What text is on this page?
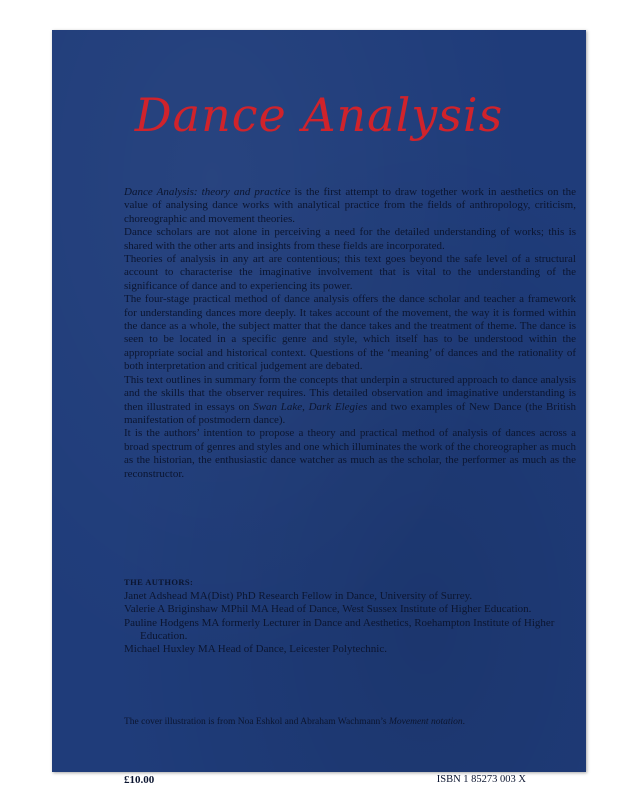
Dance Analysis

Dance Analysis: theory and practice is the first attempt to draw together work in aesthetics on the value of analysing dance works with analytical practice from the fields of anthropology, criticism, choreographic and movement theories.

Dance scholars are not alone in perceiving a need for the detailed understanding of works; this is shared with the other arts and insights from these fields are incorporated.

Theories of analysis in any art are contentious; this text goes beyond the safe level of a structural account to characterise the imaginative involvement that is vital to the understanding of the significance of dance and to experiencing its power.

The four-stage practical method of dance analysis offers the dance scholar and teacher a framework for understanding dances more deeply. It takes account of the movement, the way it is formed within the dance as a whole, the subject matter that the dance takes and the treatment of theme. The dance is seen to be located in a specific genre and style, which itself has to be understood within the appropriate social and historical context. Questions of the ‘meaning’ of dances and the rationality of both interpretation and critical judgement are debated.

This text outlines in summary form the concepts that underpin a structured approach to dance analysis and the skills that the observer requires. This detailed observation and imaginative understanding is then illustrated in essays on Swan Lake, Dark Elegies and two examples of New Dance (the British manifestation of postmodern dance).

It is the authors’ intention to propose a theory and practical method of analysis of dances across a broad spectrum of genres and styles and one which illuminates the work of the choreographer as much as the historian, the enthusiastic dance watcher as much as the scholar, the performer as much as the reconstructor.

THE AUTHORS:
Janet Adshead MA(Dist) PhD Research Fellow in Dance, University of Surrey.
Valerie A Briginshaw MPhil MA Head of Dance, West Sussex Institute of Higher Education.
Pauline Hodgens MA formerly Lecturer in Dance and Aesthetics, Roehampton Institute of Higher Education.
Michael Huxley MA Head of Dance, Leicester Polytechnic.
The cover illustration is from Noa Eshkol and Abraham Wachmann’s Movement notation.
£10.00	ISBN 1 85273 003 X
